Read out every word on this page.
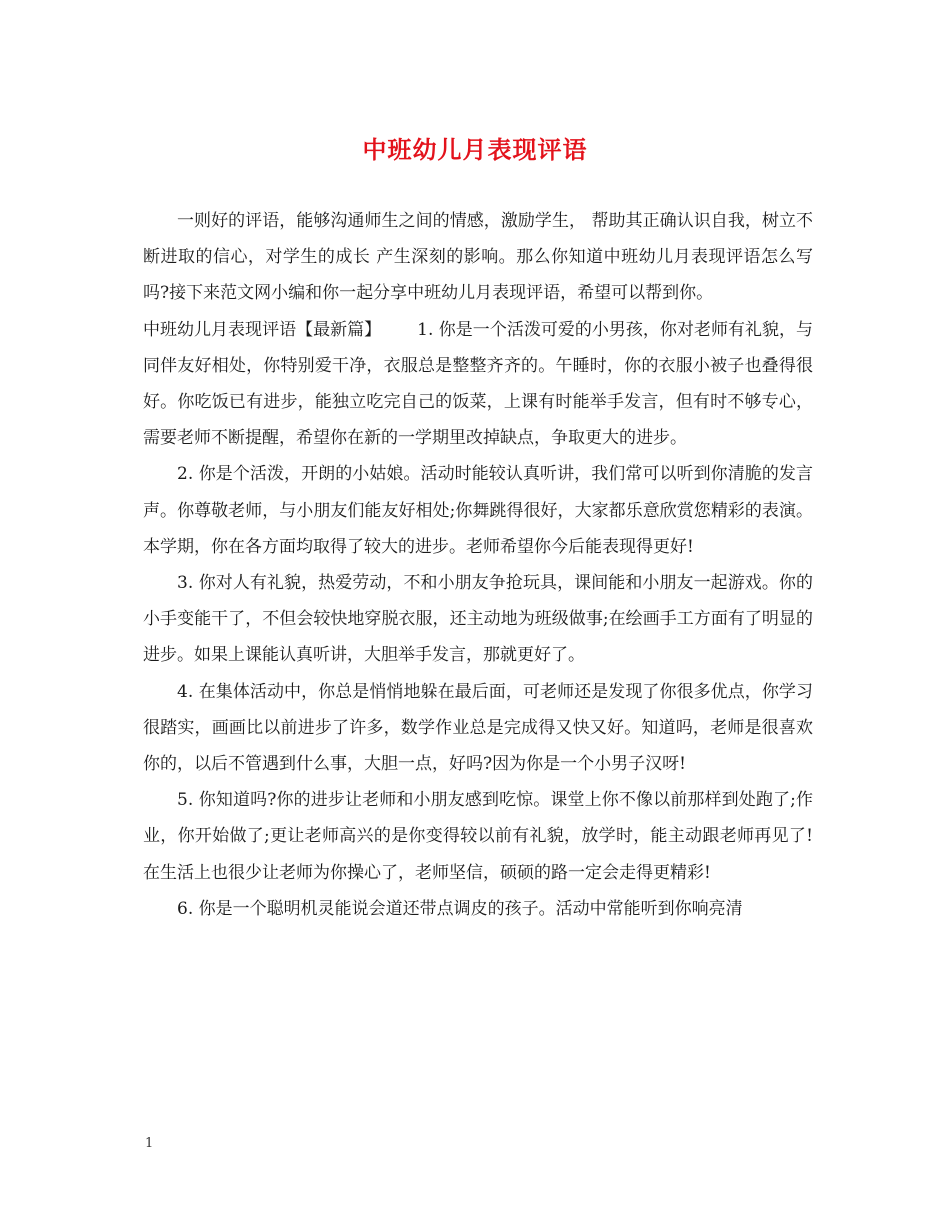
中班幼儿月表现评语

一则好的评语，能够沟通师生之间的情感，激励学生， 帮助其正确认识自我，树立不断进取的信心，对学生的成长 产生深刻的影响。那么你知道中班幼儿月表现评语怎么写吗?接下来范文网小编和你一起分享中班幼儿月表现评语，希望可以帮到你。

中班幼儿月表现评语【最新篇】 1. 你是一个活泼可爱的小男孩，你对老师有礼貌，与同伴友好相处，你特别爱干净，衣服总是整整齐齐的。午睡时，你的衣服小被子也叠得很好。你吃饭已有进步，能独立吃完自己的饭菜，上课有时能举手发言，但有时不够专心，需要老师不断提醒，希望你在新的一学期里改掉缺点，争取更大的进步。

2. 你是个活泼，开朗的小姑娘。活动时能较认真听讲，我们常可以听到你清脆的发言声。你尊敬老师，与小朋友们能友好相处;你舞跳得很好，大家都乐意欣赏您精彩的表演。本学期，你在各方面均取得了较大的进步。老师希望你今后能表现得更好!

3. 你对人有礼貌，热爱劳动，不和小朋友争抢玩具，课间能和小朋友一起游戏。你的小手变能干了，不但会较快地穿脱衣服，还主动地为班级做事;在绘画手工方面有了明显的进步。如果上课能认真听讲，大胆举手发言，那就更好了。

4. 在集体活动中，你总是悄悄地躲在最后面，可老师还是发现了你很多优点，你学习很踏实，画画比以前进步了许多，数学作业总是完成得又快又好。知道吗，老师是很喜欢你的，以后不管遇到什么事，大胆一点，好吗?因为你是一个小男子汉呀!

5. 你知道吗?你的进步让老师和小朋友感到吃惊。课堂上你不像以前那样到处跑了;作业，你开始做了;更让老师高兴的是你变得较以前有礼貌，放学时，能主动跟老师再见了!在生活上也很少让老师为你操心了，老师坚信，硕硕的路一定会走得更精彩!

6. 你是一个聪明机灵能说会道还带点调皮的孩子。活动中常能听到你响亮清

1
